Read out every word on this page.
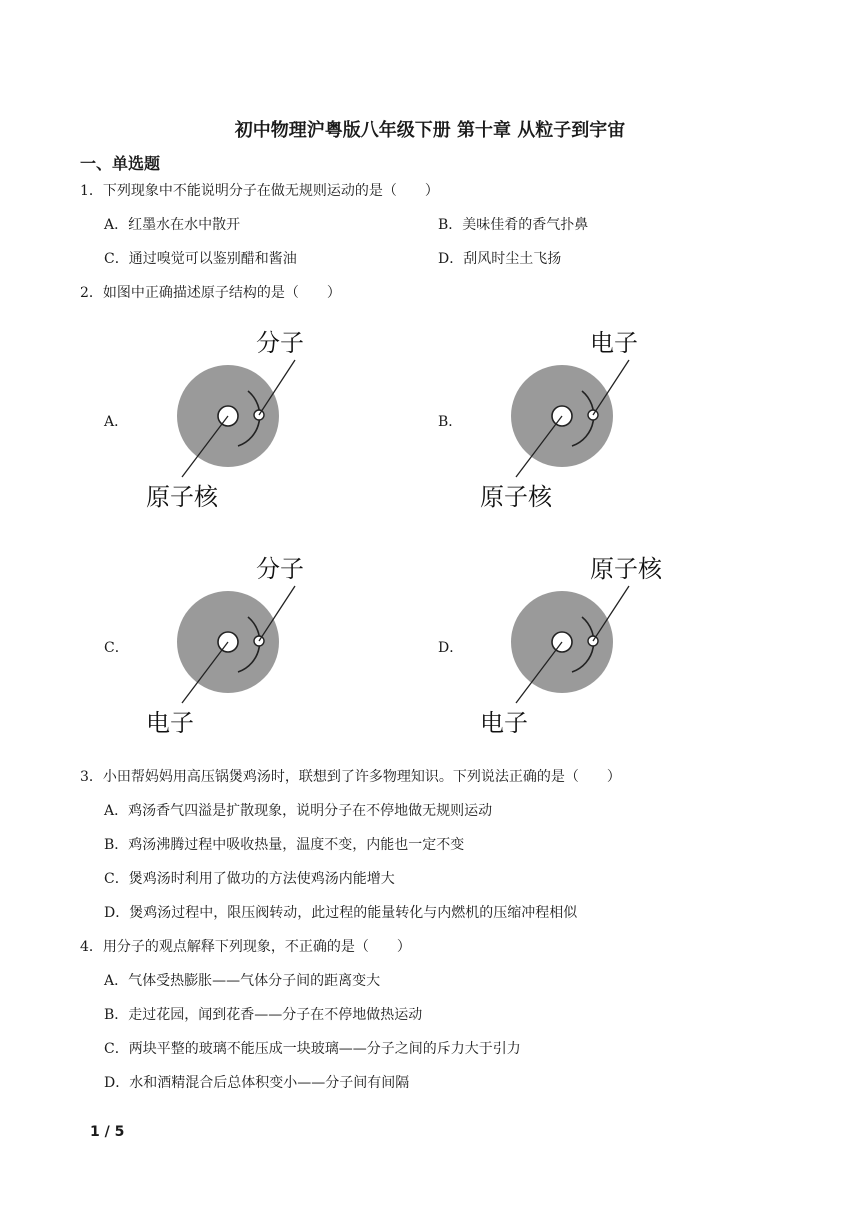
初中物理沪粤版八年级下册 第十章 从粒子到宇宙
一、单选题
1．下列现象中不能说明分子在做无规则运动的是（　　）
A．红墨水在水中散开	B．美味佳肴的香气扑鼻
C．通过嗅觉可以鉴别醋和酱油	D．刮风时尘土飞扬
2．如图中正确描述原子结构的是（　　）
A．
分子
原子核
B．
电子
原子核
C．
分子
电子
D．
原子核
电子
3．小田帮妈妈用高压锅煲鸡汤时，联想到了许多物理知识。下列说法正确的是（　　）
A．鸡汤香气四溢是扩散现象，说明分子在不停地做无规则运动
B．鸡汤沸腾过程中吸收热量，温度不变，内能也一定不变
C．煲鸡汤时利用了做功的方法使鸡汤内能增大
D．煲鸡汤过程中，限压阀转动，此过程的能量转化与内燃机的压缩冲程相似
4．用分子的观点解释下列现象，不正确的是（　　）
A．气体受热膨胀——气体分子间的距离变大
B．走过花园，闻到花香——分子在不停地做热运动
C．两块平整的玻璃不能压成一块玻璃——分子之间的斥力大于引力
D．水和酒精混合后总体积变小——分子间有间隔
1 / 5
